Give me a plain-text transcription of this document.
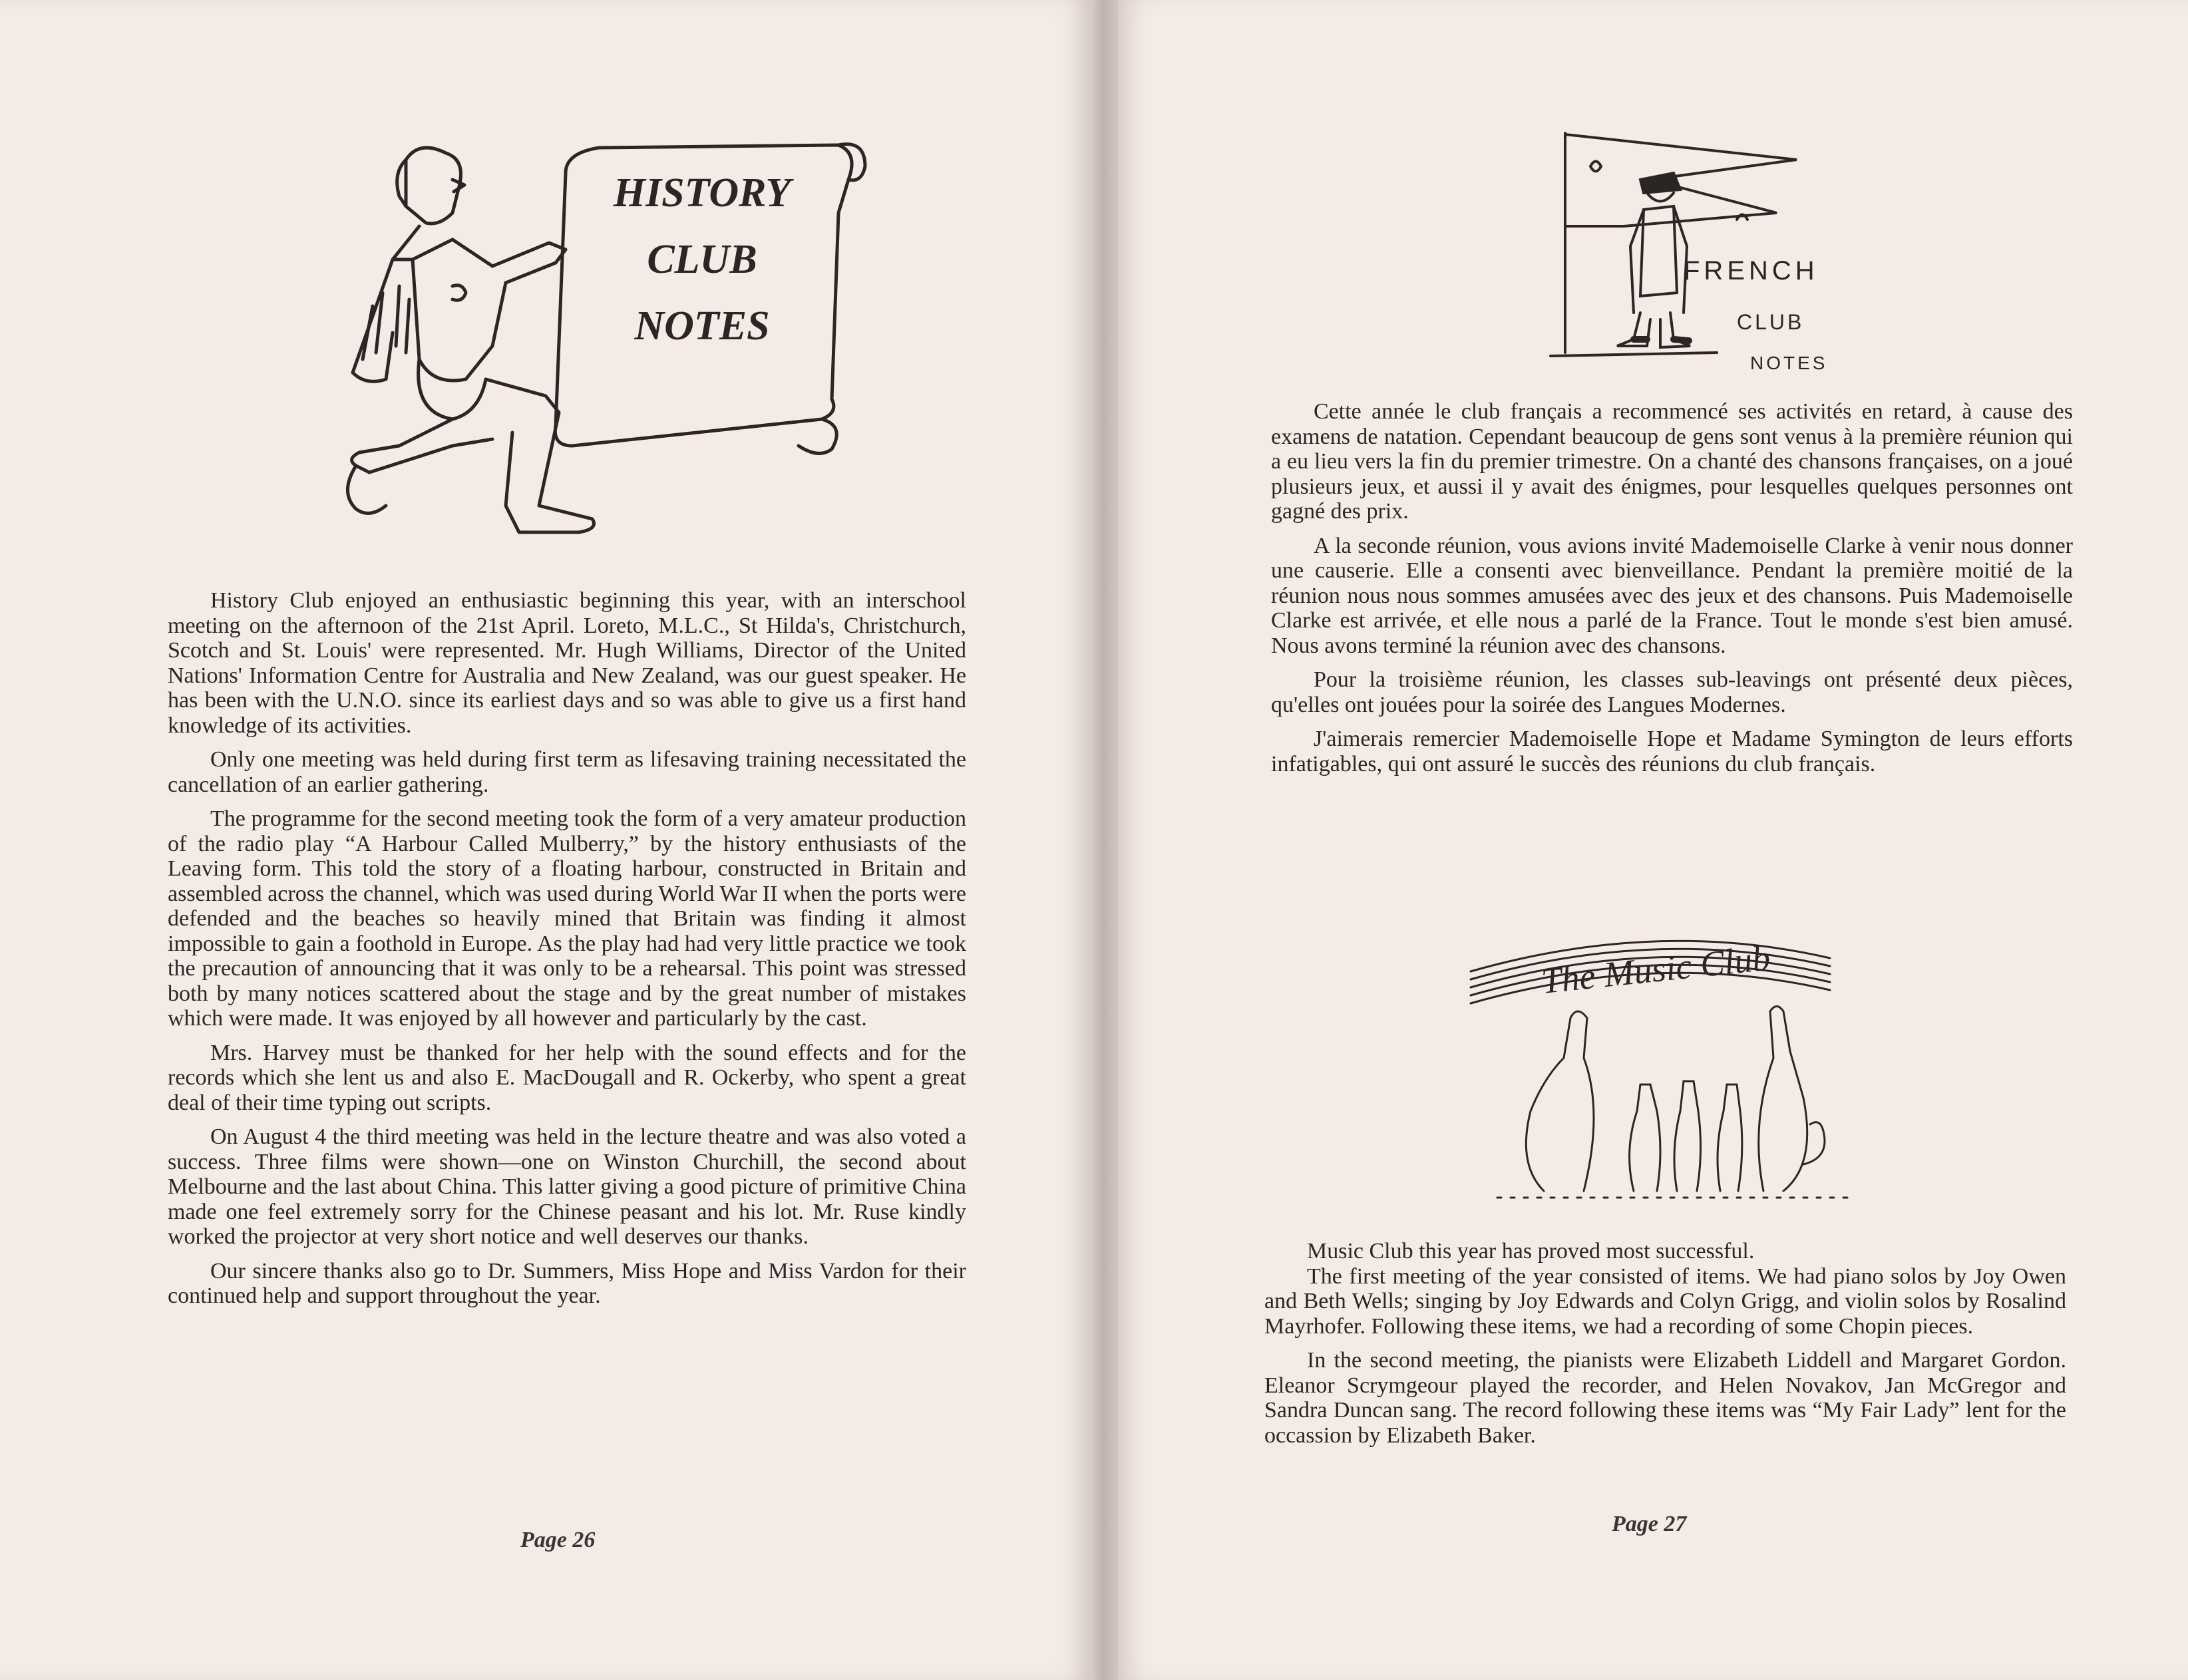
HISTORY
CLUB
NOTES

History Club enjoyed an enthusiastic beginning this year, with an interschool meeting on the afternoon of the 21st April. Loreto, M.L.C., St Hilda's, Christchurch, Scotch and St. Louis' were represented. Mr. Hugh Williams, Director of the United Nations' Information Centre for Australia and New Zealand, was our guest speaker. He has been with the U.N.O. since its earliest days and so was able to give us a first hand knowledge of its activities.

Only one meeting was held during first term as lifesaving training necessitated the cancellation of an earlier gathering.

The programme for the second meeting took the form of a very amateur production of the radio play “A Harbour Called Mulberry,” by the history enthusiasts of the Leaving form. This told the story of a floating harbour, constructed in Britain and assembled across the channel, which was used during World War II when the ports were defended and the beaches so heavily mined that Britain was finding it almost impossible to gain a foothold in Europe. As the play had had very little practice we took the precaution of announcing that it was only to be a rehearsal. This point was stressed both by many notices scattered about the stage and by the great number of mistakes which were made. It was enjoyed by all however and particularly by the cast.

Mrs. Harvey must be thanked for her help with the sound effects and for the records which she lent us and also E. MacDougall and R. Ockerby, who spent a great deal of their time typing out scripts.

On August 4 the third meeting was held in the lecture theatre and was also voted a success. Three films were shown—one on Winston Churchill, the second about Melbourne and the last about China. This latter giving a good picture of primitive China made one feel extremely sorry for the Chinese peasant and his lot. Mr. Ruse kindly worked the projector at very short notice and well deserves our thanks.

Our sincere thanks also go to Dr. Summers, Miss Hope and Miss Vardon for their continued help and support throughout the year.

Page 26
FRENCH
CLUB
NOTES

Cette année le club français a recommencé ses activités en retard, à cause des examens de natation. Cependant beaucoup de gens sont venus à la première réunion qui a eu lieu vers la fin du premier trimestre. On a chanté des chansons françaises, on a joué plusieurs jeux, et aussi il y avait des énigmes, pour lesquelles quelques personnes ont gagné des prix.

A la seconde réunion, vous avions invité Mademoiselle Clarke à venir nous donner une causerie. Elle a consenti avec bienveillance. Pendant la première moitié de la réunion nous nous sommes amusées avec des jeux et des chansons. Puis Mademoiselle Clarke est arrivée, et elle nous a parlé de la France. Tout le monde s'est bien amusé. Nous avons terminé la réunion avec des chansons.

Pour la troisième réunion, les classes sub-leavings ont présenté deux pièces, qu'elles ont jouées pour la soirée des Langues Modernes.

J'aimerais remercier Mademoiselle Hope et Madame Symington de leurs efforts infatigables, qui ont assuré le succès des réunions du club français.

The Music Club

Music Club this year has proved most successful.

The first meeting of the year consisted of items. We had piano solos by Joy Owen and Beth Wells; singing by Joy Edwards and Colyn Grigg, and violin solos by Rosalind Mayrhofer. Following these items, we had a recording of some Chopin pieces.

In the second meeting, the pianists were Elizabeth Liddell and Margaret Gordon. Eleanor Scrymgeour played the recorder, and Helen Novakov, Jan McGregor and Sandra Duncan sang. The record following these items was “My Fair Lady” lent for the occassion by Elizabeth Baker.

Page 27
